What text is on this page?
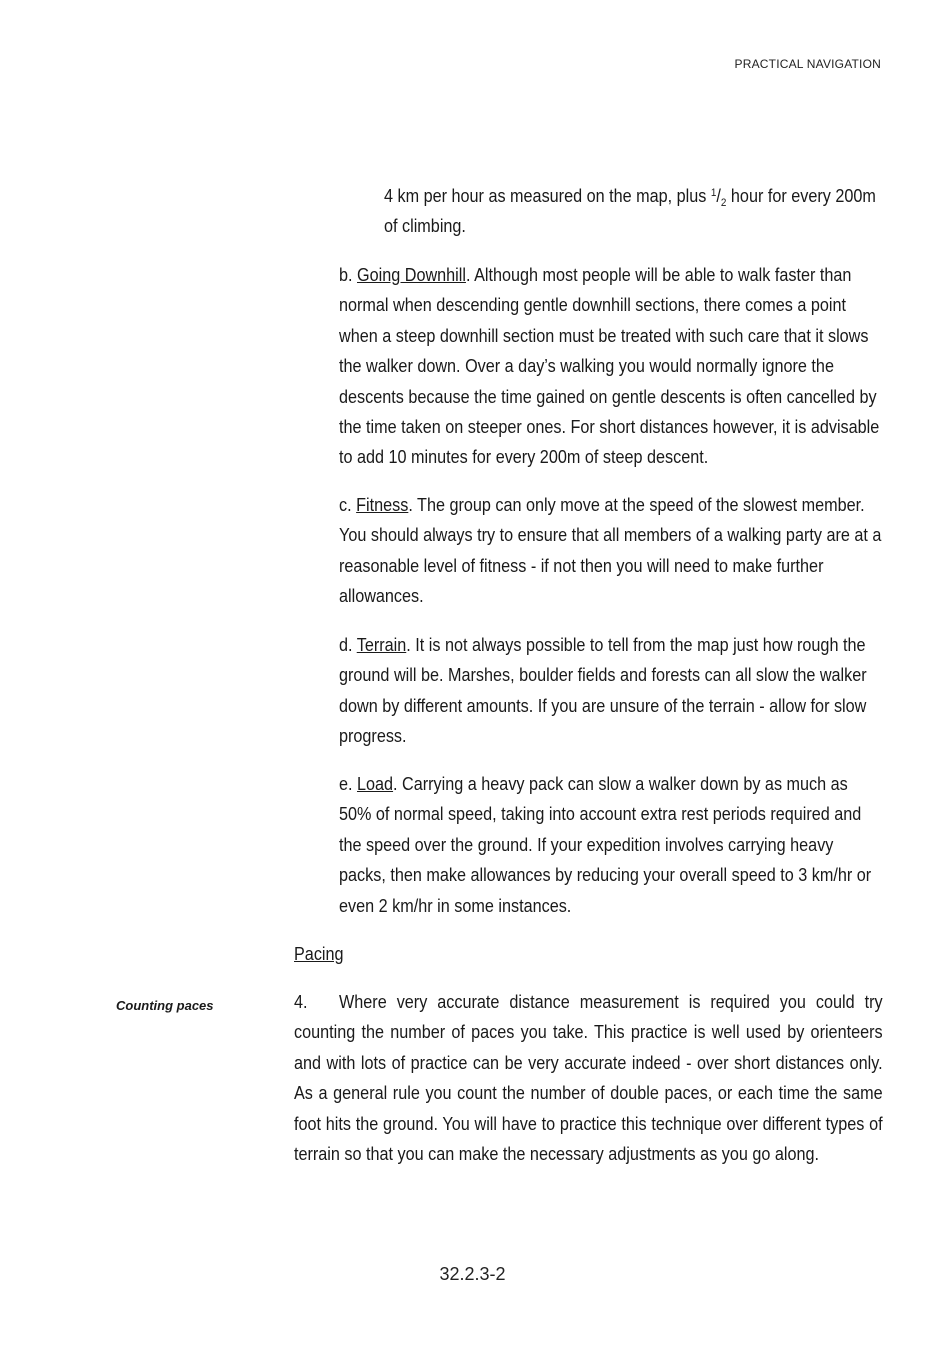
PRACTICAL NAVIGATION

4 km per hour as measured on the map, plus $^1/_2$ hour for every 200m of climbing.

b. Going Downhill. Although most people will be able to walk faster than normal when descending gentle downhill sections, there comes a point when a steep downhill section must be treated with such care that it slows the walker down. Over a day’s walking you would normally ignore the descents because the time gained on gentle descents is often cancelled by the time taken on steeper ones. For short distances however, it is advisable to add 10 minutes for every 200m of steep descent.

c. Fitness. The group can only move at the speed of the slowest member. You should always try to ensure that all members of a walking party are at a reasonable level of fitness - if not then you will need to make further allowances.

d. Terrain. It is not always possible to tell from the map just how rough the ground will be. Marshes, boulder fields and forests can all slow the walker down by different amounts. If you are unsure of the terrain - allow for slow progress.

e. Load. Carrying a heavy pack can slow a walker down by as much as 50% of normal speed, taking into account extra rest periods required and the speed over the ground. If your expedition involves carrying heavy packs, then make allowances by reducing your overall speed to 3 km/hr or even 2 km/hr in some instances.

Pacing

Counting paces	4. Where very accurate distance measurement is required you could try counting the number of paces you take. This practice is well used by orienteers and with lots of practice can be very accurate indeed - over short distances only. As a general rule you count the number of double paces, or each time the same foot hits the ground. You will have to practice this technique over different types of terrain so that you can make the necessary adjustments as you go along.

32.2.3-2
